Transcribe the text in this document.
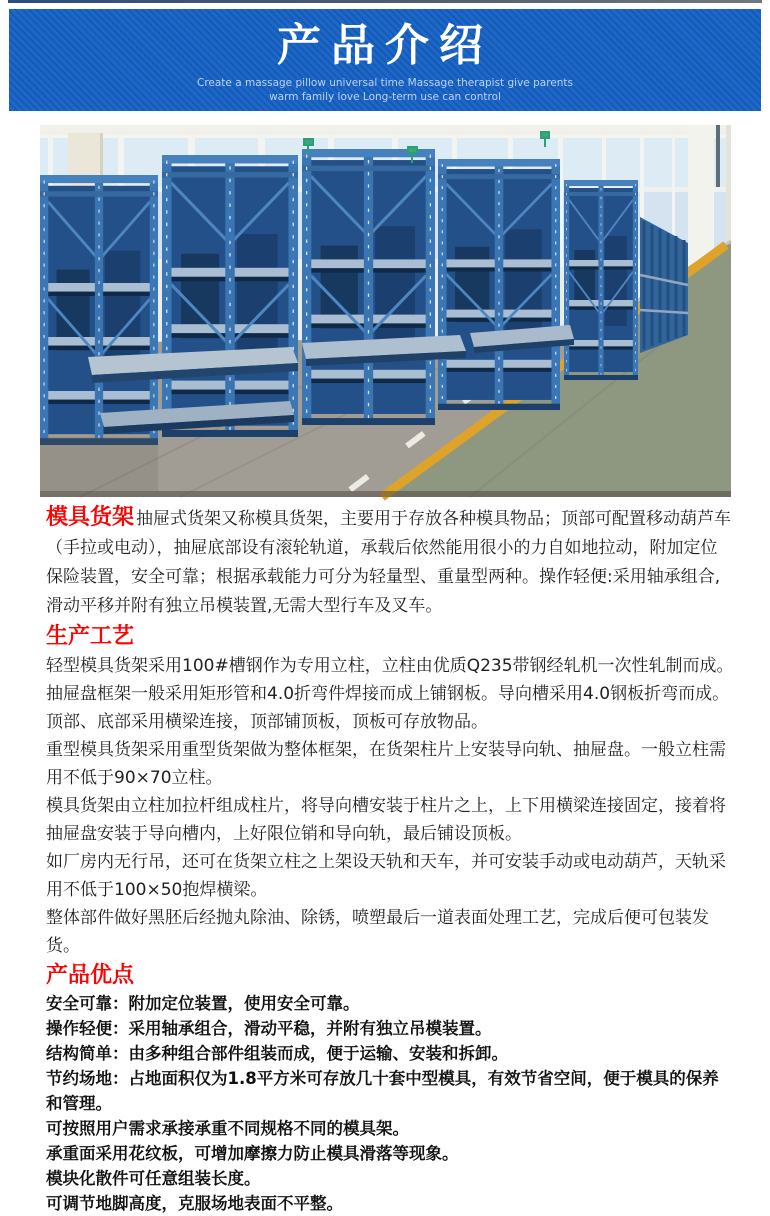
产品介绍
Create a massage pillow universal time Massage therapist give parents
warm family love Long-term use can control

模具货架 抽屉式货架又称模具货架，主要用于存放各种模具物品；顶部可配置移动葫芦车（手拉或电动），抽屉底部设有滚轮轨道，承载后依然能用很小的力自如地拉动，附加定位保险装置，安全可靠；根据承载能力可分为轻量型、重量型两种。操作轻便:采用轴承组合,滑动平移并附有独立吊模装置,无需大型行车及叉车。

生产工艺

轻型模具货架采用100#槽钢作为专用立柱，立柱由优质Q235带钢经轧机一次性轧制而成。

抽屉盘框架一般采用矩形管和4.0折弯件焊接而成上铺钢板。导向槽采用4.0钢板折弯而成。顶部、底部采用横梁连接，顶部铺顶板，顶板可存放物品。

重型模具货架采用重型货架做为整体框架，在货架柱片上安装导向轨、抽屉盘。一般立柱需用不低于90×70立柱。

模具货架由立柱加拉杆组成柱片，将导向槽安装于柱片之上，上下用横梁连接固定，接着将抽屉盘安装于导向槽内，上好限位销和导向轨，最后铺设顶板。

如厂房内无行吊，还可在货架立柱之上架设天轨和天车，并可安装手动或电动葫芦，天轨采用不低于100×50抱焊横梁。

整体部件做好黑胚后经抛丸除油、除锈，喷塑最后一道表面处理工艺，完成后便可包装发货。

产品优点

安全可靠：附加定位装置，使用安全可靠。

操作轻便：采用轴承组合，滑动平稳，并附有独立吊模装置。

结构简单：由多种组合部件组装而成，便于运输、安装和拆卸。

节约场地：占地面积仅为1.8平方米可存放几十套中型模具，有效节省空间，便于模具的保养和管理。

可按照用户需求承接承重不同规格不同的模具架。

承重面采用花纹板，可增加摩擦力防止模具滑落等现象。

模块化散件可任意组装长度。

可调节地脚高度，克服场地表面不平整。
